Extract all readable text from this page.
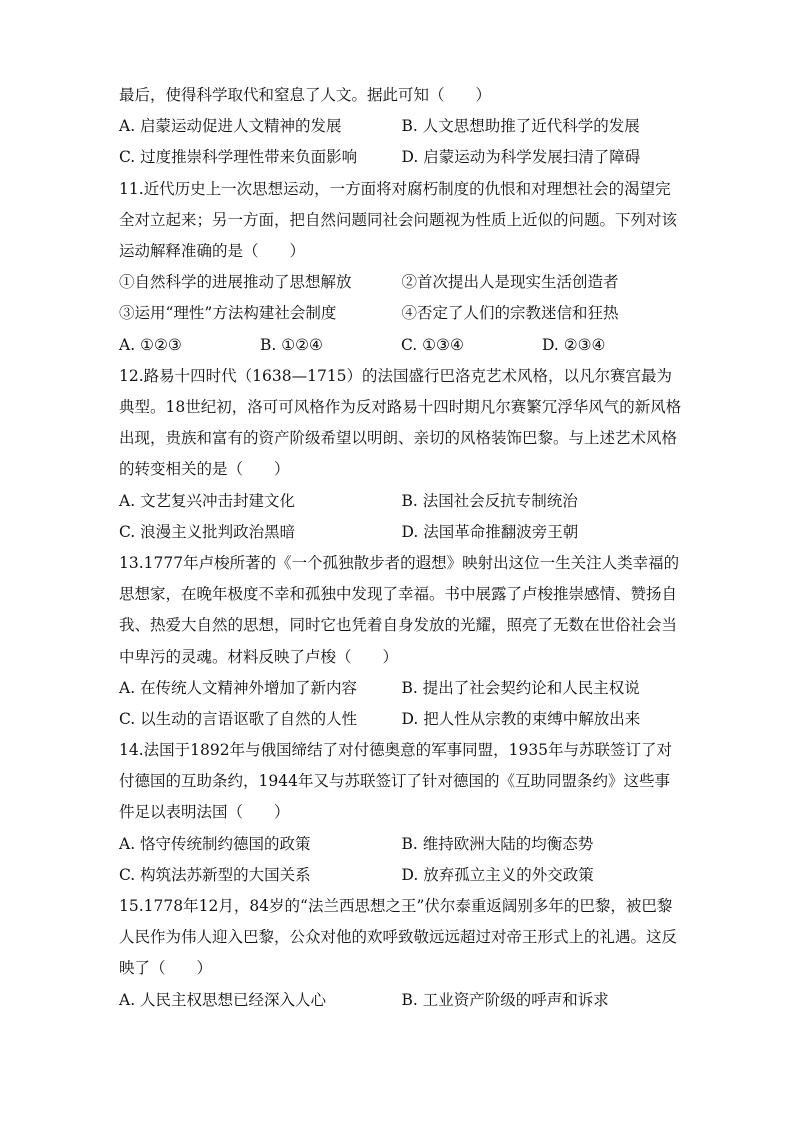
最后，使得科学取代和窒息了人文。据此可知（　　）
A. 启蒙运动促进人文精神的发展	B. 人文思想助推了近代科学的发展
C. 过度推崇科学理性带来负面影响	D. 启蒙运动为科学发展扫清了障碍
11.近代历史上一次思想运动，一方面将对腐朽制度的仇恨和对理想社会的渴望完全对立起来；另一方面，把自然问题同社会问题视为性质上近似的问题。下列对该运动解释准确的是（　　）
①自然科学的进展推动了思想解放	②首次提出人是现实生活创造者
③运用“理性”方法构建社会制度	④否定了人们的宗教迷信和狂热
A. ①②③	B. ①②④	C. ①③④	D. ②③④
12.路易十四时代（1638—1715）的法国盛行巴洛克艺术风格，以凡尔赛宫最为典型。18世纪初，洛可可风格作为反对路易十四时期凡尔赛繁冗浮华风气的新风格出现，贵族和富有的资产阶级希望以明朗、亲切的风格装饰巴黎。与上述艺术风格的转变相关的是（　　）
A. 文艺复兴冲击封建文化	B. 法国社会反抗专制统治
C. 浪漫主义批判政治黑暗	D. 法国革命推翻波旁王朝
13.1777年卢梭所著的《一个孤独散步者的遐想》映射出这位一生关注人类幸福的思想家，在晚年极度不幸和孤独中发现了幸福。书中展露了卢梭推崇感情、赞扬自我、热爱大自然的思想，同时它也凭着自身发放的光耀，照亮了无数在世俗社会当中卑污的灵魂。材料反映了卢梭（　　）
A. 在传统人文精神外增加了新内容	B. 提出了社会契约论和人民主权说
C. 以生动的言语讴歌了自然的人性	D. 把人性从宗教的束缚中解放出来
14.法国于1892年与俄国缔结了对付德奥意的军事同盟，1935年与苏联签订了对付德国的互助条约，1944年又与苏联签订了针对德国的《互助同盟条约》这些事件足以表明法国（　　）
A. 恪守传统制约德国的政策	B. 维持欧洲大陆的均衡态势
C. 构筑法苏新型的大国关系	D. 放弃孤立主义的外交政策
15.1778年12月，84岁的“法兰西思想之王”伏尔泰重返阔别多年的巴黎，被巴黎人民作为伟人迎入巴黎，公众对他的欢呼致敬远远超过对帝王形式上的礼遇。这反映了（　　）
A. 人民主权思想已经深入人心	B. 工业资产阶级的呼声和诉求
